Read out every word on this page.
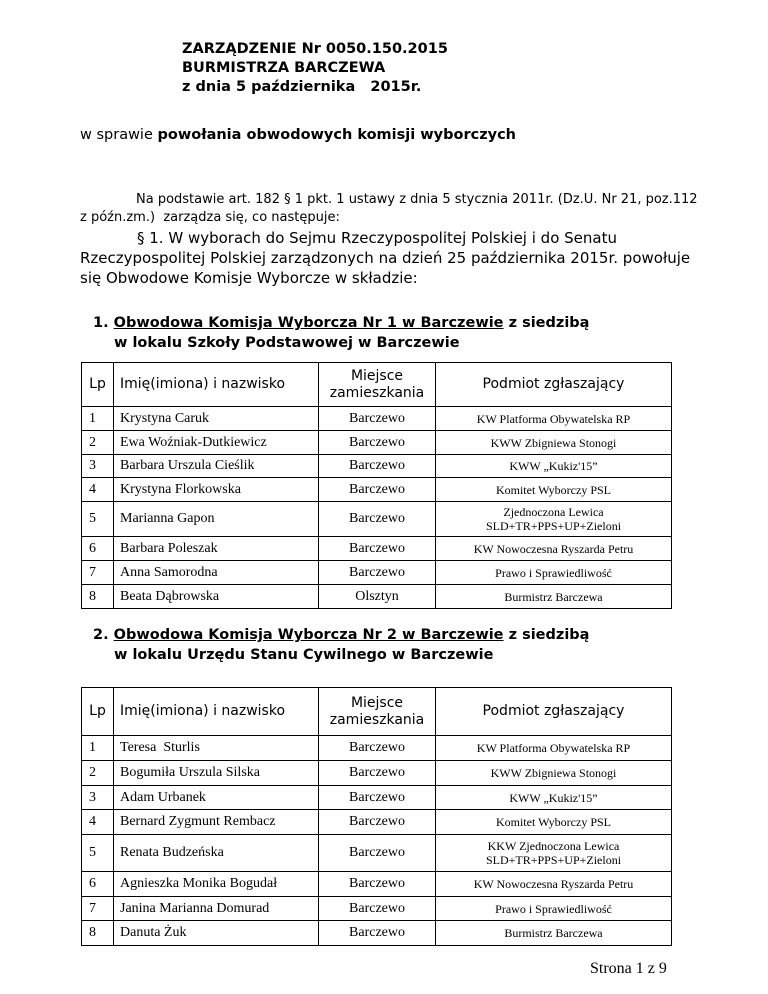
ZARZĄDZENIE Nr 0050.150.2015
BURMISTRZA BARCZEWA
z dnia 5 października   2015r.
w sprawie powołania obwodowych komisji wyborczych
Na podstawie art. 182 § 1 pkt. 1 ustawy z dnia 5 stycznia 2011r. (Dz.U. Nr 21, poz.112 z późn.zm.)  zarządza się, co następuje:
§ 1. W wyborach do Sejmu Rzeczypospolitej Polskiej i do Senatu Rzeczypospolitej Polskiej zarządzonych na dzień 25 października 2015r. powołuje się Obwodowe Komisje Wyborcze w składzie:
1. Obwodowa Komisja Wyborcza Nr 1 w Barczewie z siedzibą
w lokalu Szkoły Podstawowej w Barczewie
Lp	Imię(imiona) i nazwisko	Miejsce zamieszkania	Podmiot zgłaszający
1	Krystyna Caruk	Barczewo	KW Platforma Obywatelska RP
2	Ewa Woźniak-Dutkiewicz	Barczewo	KWW Zbigniewa Stonogi
3	Barbara Urszula Cieślik	Barczewo	KWW „Kukiz'15”
4	Krystyna Florkowska	Barczewo	Komitet Wyborczy PSL
5	Marianna Gapon	Barczewo	Zjednoczona Lewica SLD+TR+PPS+UP+Zieloni
6	Barbara Poleszak	Barczewo	KW Nowoczesna Ryszarda Petru
7	Anna Samorodna	Barczewo	Prawo i Sprawiedliwość
8	Beata Dąbrowska	Olsztyn	Burmistrz Barczewa
2. Obwodowa Komisja Wyborcza Nr 2 w Barczewie z siedzibą
w lokalu Urzędu Stanu Cywilnego w Barczewie
Lp	Imię(imiona) i nazwisko	Miejsce zamieszkania	Podmiot zgłaszający
1	Teresa  Sturlis	Barczewo	KW Platforma Obywatelska RP
2	Bogumiła Urszula Silska	Barczewo	KWW Zbigniewa Stonogi
3	Adam Urbanek	Barczewo	KWW „Kukiz'15”
4	Bernard Zygmunt Rembacz	Barczewo	Komitet Wyborczy PSL
5	Renata Budzeńska	Barczewo	KKW Zjednoczona Lewica SLD+TR+PPS+UP+Zieloni
6	Agnieszka Monika Bogudał	Barczewo	KW Nowoczesna Ryszarda Petru
7	Janina Marianna Domurad	Barczewo	Prawo i Sprawiedliwość
8	Danuta Żuk	Barczewo	Burmistrz Barczewa
Strona 1 z 9
